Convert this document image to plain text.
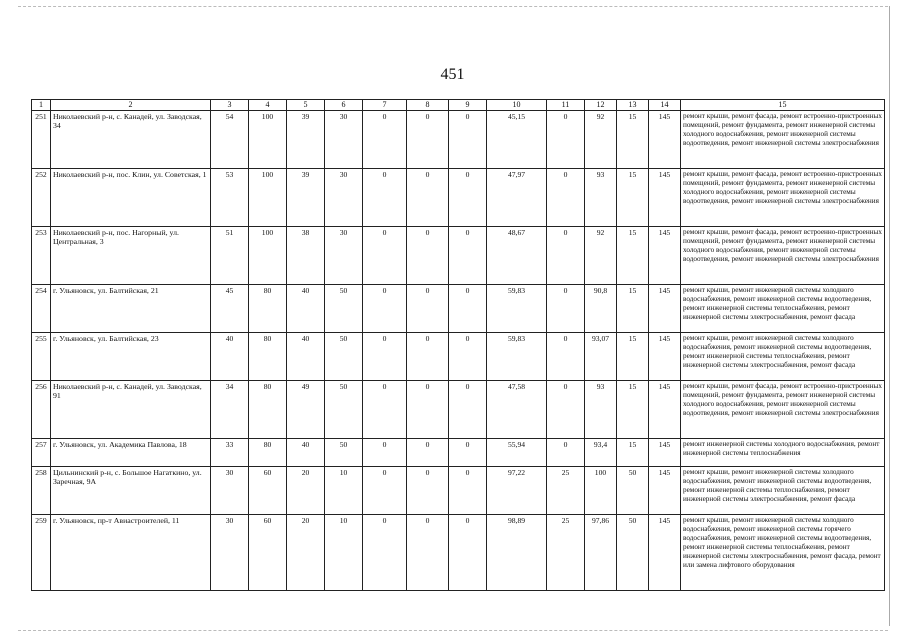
451
1	2	3	4	5	6	7	8	9	10	11	12	13	14	15
251	Николаевский р-н, с. Канадей, ул. Заводская, 34	54	100	39	30	0	0	0	45,15	0	92	15	145	ремонт крыши, ремонт фасада, ремонт встроенно-пристроенных помещений, ремонт фундамента, ремонт инженерной системы холодного водоснабжения, ремонт инженерной системы водоотведения, ремонт инженерной системы электроснабжения
252	Николаевский р-н, пос. Клин, ул. Советская, 1	53	100	39	30	0	0	0	47,97	0	93	15	145	ремонт крыши, ремонт фасада, ремонт встроенно-пристроенных помещений, ремонт фундамента, ремонт инженерной системы холодного водоснабжения, ремонт инженерной системы водоотведения, ремонт инженерной системы электроснабжения
253	Николаевский р-н, пос. Нагорный, ул. Центральная, 3	51	100	38	30	0	0	0	48,67	0	92	15	145	ремонт крыши, ремонт фасада, ремонт встроенно-пристроенных помещений, ремонт фундамента, ремонт инженерной системы холодного водоснабжения, ремонт инженерной системы водоотведения, ремонт инженерной системы электроснабжения
254	г. Ульяновск, ул. Балтийская, 21	45	80	40	50	0	0	0	59,83	0	90,8	15	145	ремонт крыши, ремонт инженерной системы холодного водоснабжения, ремонт инженерной системы водоотведения, ремонт инженерной системы теплоснабжения, ремонт инженерной системы электроснабжения, ремонт фасада
255	г. Ульяновск, ул. Балтийская, 23	40	80	40	50	0	0	0	59,83	0	93,07	15	145	ремонт крыши, ремонт инженерной системы холодного водоснабжения, ремонт инженерной системы водоотведения, ремонт инженерной системы теплоснабжения, ремонт инженерной системы электроснабжения, ремонт фасада
256	Николаевский р-н, с. Канадей, ул. Заводская, 91	34	80	49	50	0	0	0	47,58	0	93	15	145	ремонт крыши, ремонт фасада, ремонт встроенно-пристроенных помещений, ремонт фундамента, ремонт инженерной системы холодного водоснабжения, ремонт инженерной системы водоотведения, ремонт инженерной системы электроснабжения
257	г. Ульяновск, ул. Академика Павлова, 18	33	80	40	50	0	0	0	55,94	0	93,4	15	145	ремонт инженерной системы холодного водоснабжения, ремонт инженерной системы теплоснабжения
258	Цильнинский р-н, с. Большое Нагаткино, ул. Заречная, 9А	30	60	20	10	0	0	0	97,22	25	100	50	145	ремонт крыши, ремонт инженерной системы холодного водоснабжения, ремонт инженерной системы водоотведения, ремонт инженерной системы теплоснабжения, ремонт инженерной системы электроснабжения, ремонт фасада
259	г. Ульяновск, пр-т Авиастроителей, 11	30	60	20	10	0	0	0	98,89	25	97,86	50	145	ремонт крыши, ремонт инженерной системы холодного водоснабжения, ремонт инженерной системы горячего водоснабжения, ремонт инженерной системы водоотведения, ремонт инженерной системы теплоснабжения, ремонт инженерной системы электроснабжения, ремонт фасада, ремонт или замена лифтового оборудования
